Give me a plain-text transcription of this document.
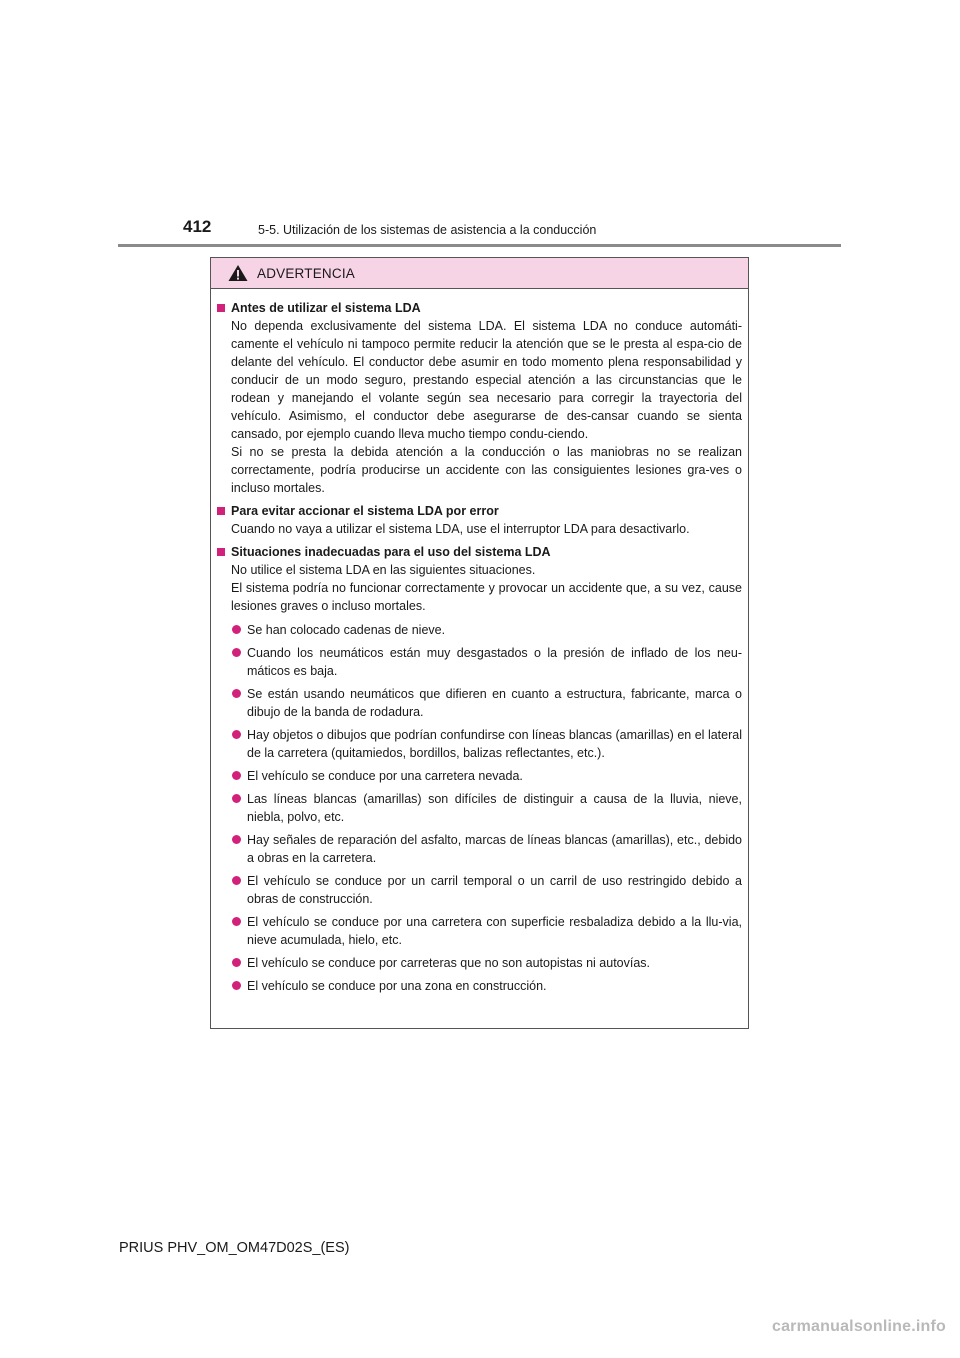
412	5-5. Utilización de los sistemas de asistencia a la conducción
ADVERTENCIA
Antes de utilizar el sistema LDA
No dependa exclusivamente del sistema LDA. El sistema LDA no conduce automáti-camente el vehículo ni tampoco permite reducir la atención que se le presta al espa-cio de delante del vehículo. El conductor debe asumir en todo momento plena responsabilidad y conducir de un modo seguro, prestando especial atención a las circunstancias que le rodean y manejando el volante según sea necesario para corregir la trayectoria del vehículo. Asimismo, el conductor debe asegurarse de des-cansar cuando se sienta cansado, por ejemplo cuando lleva mucho tiempo condu-ciendo.
Si no se presta la debida atención a la conducción o las maniobras no se realizan correctamente, podría producirse un accidente con las consiguientes lesiones gra-ves o incluso mortales.
Para evitar accionar el sistema LDA por error
Cuando no vaya a utilizar el sistema LDA, use el interruptor LDA para desactivarlo.
Situaciones inadecuadas para el uso del sistema LDA
No utilice el sistema LDA en las siguientes situaciones.
El sistema podría no funcionar correctamente y provocar un accidente que, a su vez, cause lesiones graves o incluso mortales.
Se han colocado cadenas de nieve.
Cuando los neumáticos están muy desgastados o la presión de inflado de los neu-máticos es baja.
Se están usando neumáticos que difieren en cuanto a estructura, fabricante, marca o dibujo de la banda de rodadura.
Hay objetos o dibujos que podrían confundirse con líneas blancas (amarillas) en el lateral de la carretera (quitamiedos, bordillos, balizas reflectantes, etc.).
El vehículo se conduce por una carretera nevada.
Las líneas blancas (amarillas) son difíciles de distinguir a causa de la lluvia, nieve, niebla, polvo, etc.
Hay señales de reparación del asfalto, marcas de líneas blancas (amarillas), etc., debido a obras en la carretera.
El vehículo se conduce por un carril temporal o un carril de uso restringido debido a obras de construcción.
El vehículo se conduce por una carretera con superficie resbaladiza debido a la llu-via, nieve acumulada, hielo, etc.
El vehículo se conduce por carreteras que no son autopistas ni autovías.
El vehículo se conduce por una zona en construcción.
PRIUS PHV_OM_OM47D02S_(ES)
carmanualsonline.info
